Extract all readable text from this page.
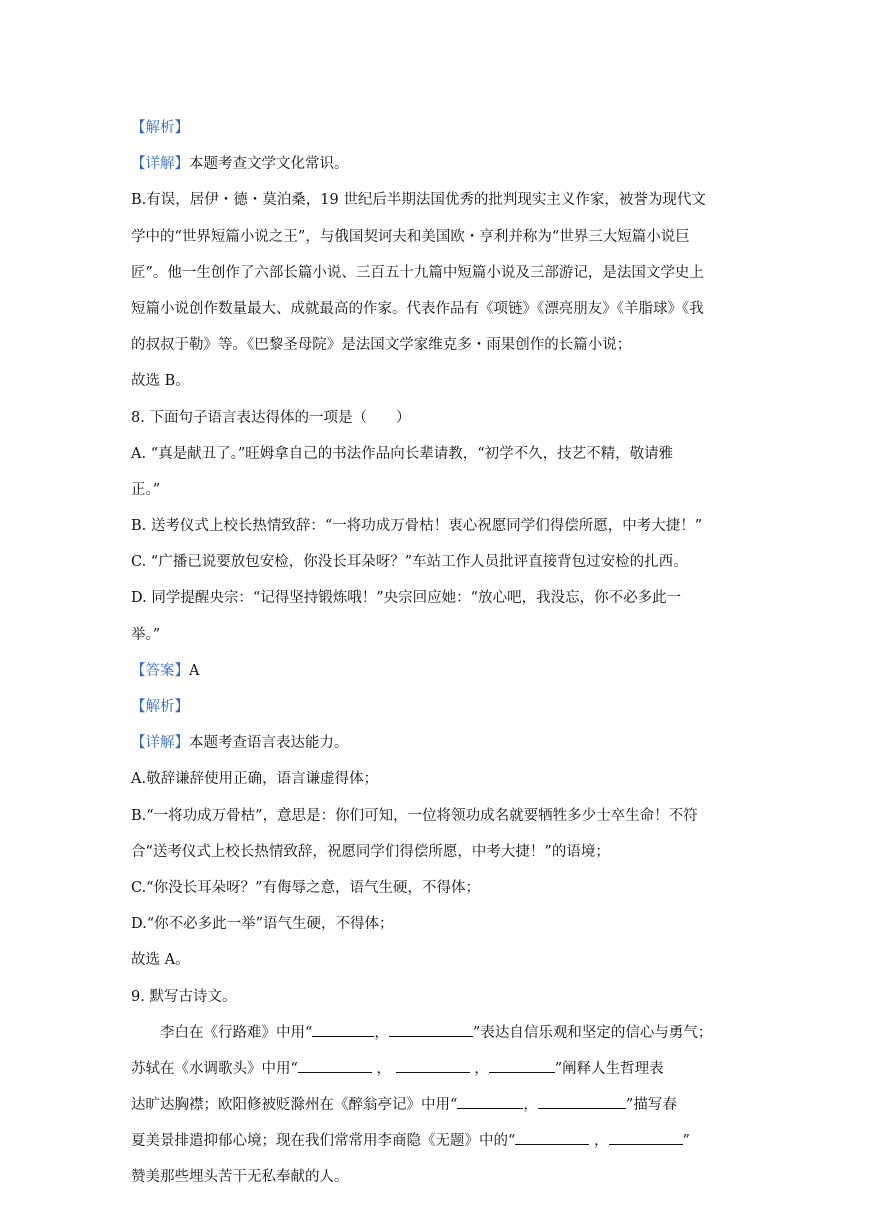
【解析】
【详解】本题考查文学文化常识。
B.有误，居伊・德・莫泊桑，19 世纪后半期法国优秀的批判现实主义作家，被誉为现代文
学中的“世界短篇小说之王”，与俄国契诃夫和美国欧・亨利并称为“世界三大短篇小说巨
匠”。他一生创作了六部长篇小说、三百五十九篇中短篇小说及三部游记，是法国文学史上
短篇小说创作数量最大、成就最高的作家。代表作品有《项链》《漂亮朋友》《羊脂球》《我
的叔叔于勒》等。《巴黎圣母院》是法国文学家维克多・雨果创作的长篇小说；
故选 B。
8. 下面句子语言表达得体的一项是（　　）
A. “真是献丑了。”旺姆拿自己的书法作品向长辈请教，“初学不久，技艺不精，敬请雅
正。”
B. 送考仪式上校长热情致辞：“一将功成万骨枯！衷心祝愿同学们得偿所愿，中考大捷！”
C. “广播已说要放包安检，你没长耳朵呀？”车站工作人员批评直接背包过安检的扎西。
D. 同学提醒央宗：“记得坚持锻炼哦！”央宗回应她：“放心吧，我没忘，你不必多此一
举。”
【答案】A
【解析】
【详解】本题考查语言表达能力。
A.敬辞谦辞使用正确，语言谦虚得体；
B.“一将功成万骨枯”，意思是：你们可知，一位将领功成名就要牺牲多少士卒生命！不符
合“送考仪式上校长热情致辞，祝愿同学们得偿所愿，中考大捷！”的语境；
C.“你没长耳朵呀？”有侮辱之意，语气生硬，不得体；
D.“你不必多此一举”语气生硬，不得体；
故选 A。
9. 默写古诗文。
李白在《行路难》中用“	，	”表达自信乐观和坚定的信心与勇气；
苏轼在《水调歌头》中用“	，	，	”阐释人生哲理表
达旷达胸襟；欧阳修被贬滁州在《醉翁亭记》中用“	，	”描写春
夏美景排遣抑郁心境；现在我们常常用李商隐《无题》中的“	，	”
赞美那些埋头苦干无私奉献的人。
